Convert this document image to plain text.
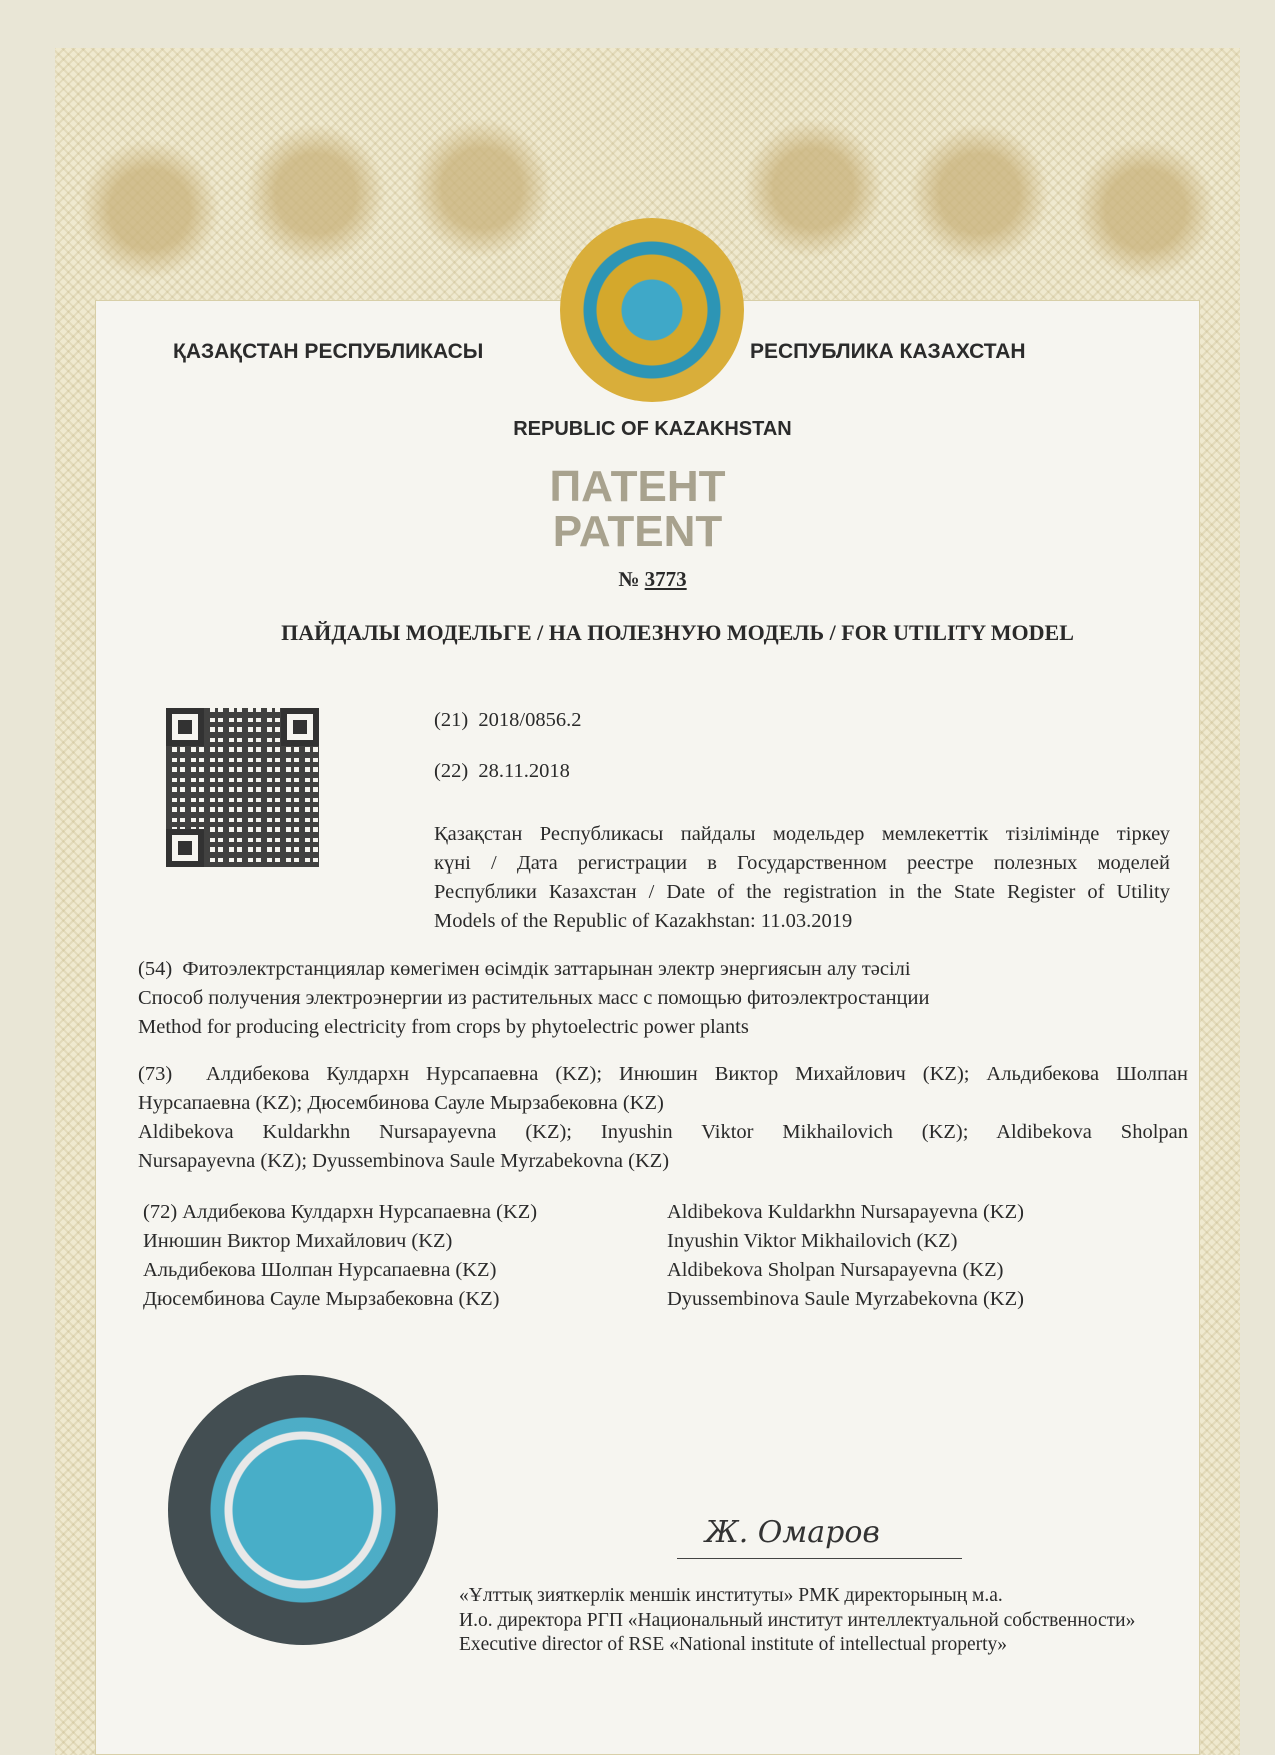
ҚАЗАҚСТАН РЕСПУБЛИКАСЫ	РЕСПУБЛИКА КАЗАХСТАН
REPUBLIC OF KAZAKHSTAN
ПАТЕНТ
PATENT
№ 3773
ПАЙДАЛЫ МОДЕЛЬГЕ / НА ПОЛЕЗНУЮ МОДЕЛЬ / FOR UTILITY MODEL
(21) 2018/0856.2
(22) 28.11.2018
Қазақстан Республикасы пайдалы модельдер мемлекеттік тізілімінде тіркеу
күні / Дата регистрации в Государственном реестре полезных моделей
Республики Казахстан / Date of the registration in the State Register of Utility
Models of the Republic of Kazakhstan: 11.03.2019
(54) Фитоэлектрстанциялар көмегімен өсімдік заттарынан электр энергиясын алу тәсілі
Способ получения электроэнергии из растительных масс с помощью фитоэлектростанции
Method for producing electricity from crops by phytoelectric power plants
(73) Алдибекова Кулдархн Нурсапаевна (KZ); Инюшин Виктор Михайлович (KZ); Альдибекова Шолпан
Нурсапаевна (KZ); Дюсембинова Сауле Мырзабековна (KZ)
Aldibekova Kuldarkhn Nursapayevna (KZ); Inyushin Viktor Mikhailovich (KZ); Aldibekova Sholpan
Nursapayevna (KZ); Dyussembinova Saule Myrzabekovna (KZ)
(72) Алдибекова Кулдархн Нурсапаевна (KZ)
Инюшин Виктор Михайлович (KZ)
Альдибекова Шолпан Нурсапаевна (KZ)
Дюсембинова Сауле Мырзабековна (KZ)
Aldibekova Kuldarkhn Nursapayevna (KZ)
Inyushin Viktor Mikhailovich (KZ)
Aldibekova Sholpan Nursapayevna (KZ)
Dyussembinova Saule Myrzabekovna (KZ)
Ж. Омаров
«Ұлттық зияткерлік меншік институты» РМК директорының м.а.
И.о. директора РГП «Национальный институт интеллектуальной собственности»
Executive director of RSE «National institute of intellectual property»
